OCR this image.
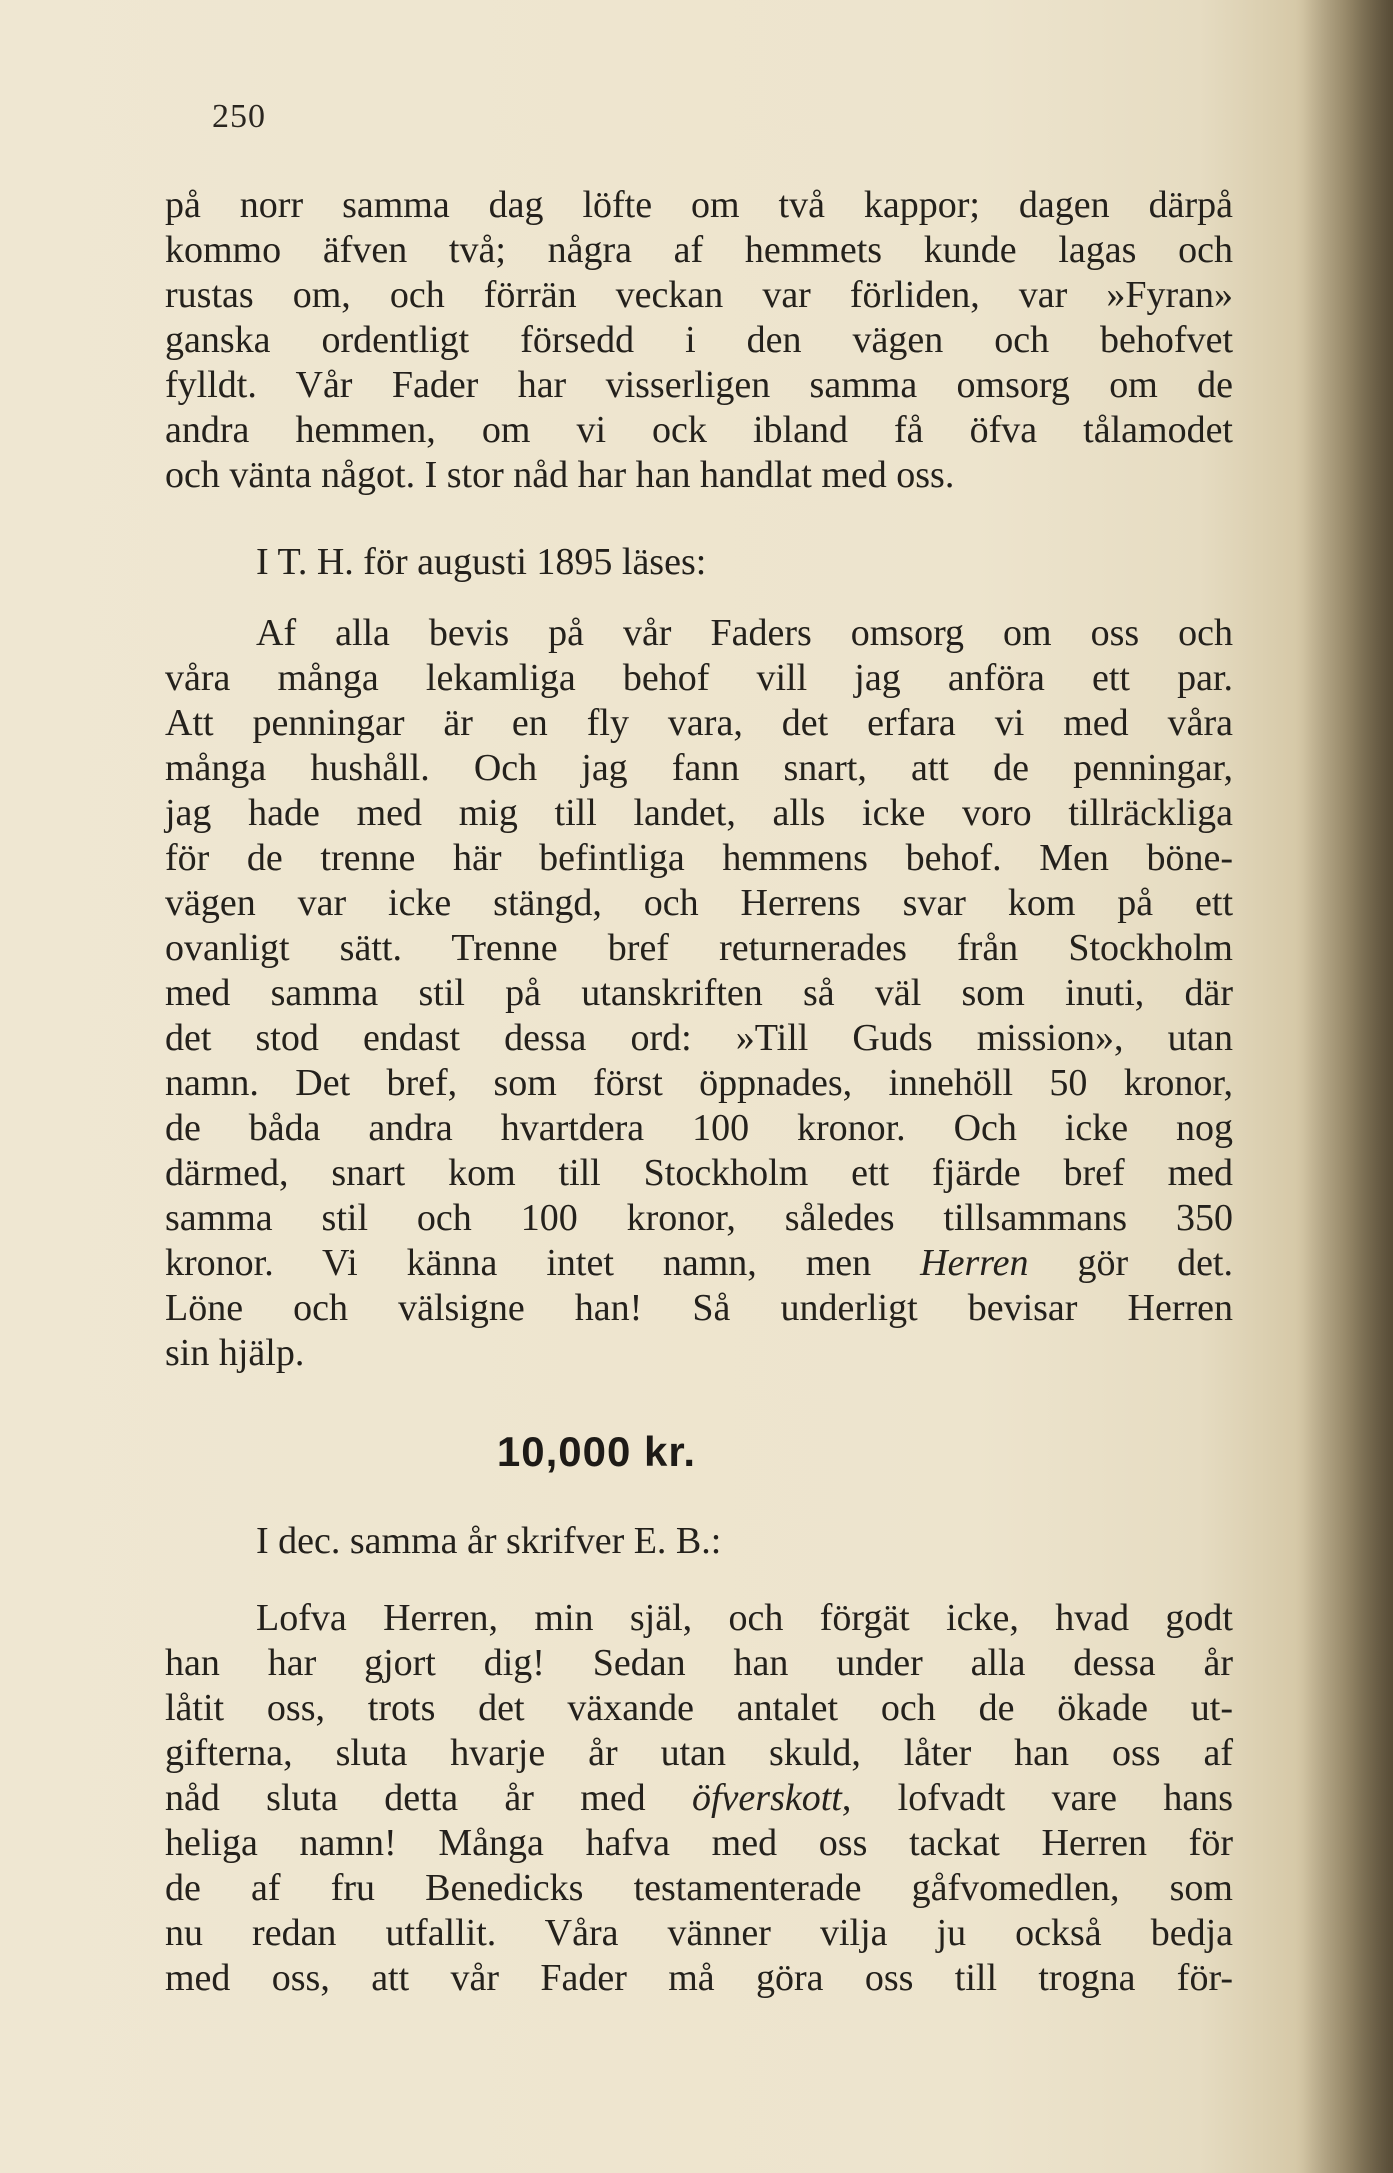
250
på norr samma dag löfte om två kappor; dagen därpå
kommo äfven två; några af hemmets kunde lagas och
rustas om, och förrän veckan var förliden, var »Fyran»
ganska ordentligt försedd i den vägen och behofvet
fylldt. Vår Fader har visserligen samma omsorg om de
andra hemmen, om vi ock ibland få öfva tålamodet
och vänta något. I stor nåd har han handlat med oss.
I T. H. för augusti 1895 läses:
Af alla bevis på vår Faders omsorg om oss och
våra många lekamliga behof vill jag anföra ett par.
Att penningar är en fly vara, det erfara vi med våra
många hushåll. Och jag fann snart, att de penningar,
jag hade med mig till landet, alls icke voro tillräckliga
för de trenne här befintliga hemmens behof. Men böne-
vägen var icke stängd, och Herrens svar kom på ett
ovanligt sätt. Trenne bref returnerades från Stockholm
med samma stil på utanskriften så väl som inuti, där
det stod endast dessa ord: »Till Guds mission», utan
namn. Det bref, som först öppnades, innehöll 50 kronor,
de båda andra hvartdera 100 kronor. Och icke nog
därmed, snart kom till Stockholm ett fjärde bref med
samma stil och 100 kronor, således tillsammans 350
kronor. Vi känna intet namn, men Herren gör det.
Löne och välsigne han! Så underligt bevisar Herren
sin hjälp.
10,000 kr.
I dec. samma år skrifver E. B.:
Lofva Herren, min själ, och förgät icke, hvad godt
han har gjort dig! Sedan han under alla dessa år
låtit oss, trots det växande antalet och de ökade ut-
gifterna, sluta hvarje år utan skuld, låter han oss af
nåd sluta detta år med öfverskott, lofvadt vare hans
heliga namn! Många hafva med oss tackat Herren för
de af fru Benedicks testamenterade gåfvomedlen, som
nu redan utfallit. Våra vänner vilja ju också bedja
med oss, att vår Fader må göra oss till trogna för-
